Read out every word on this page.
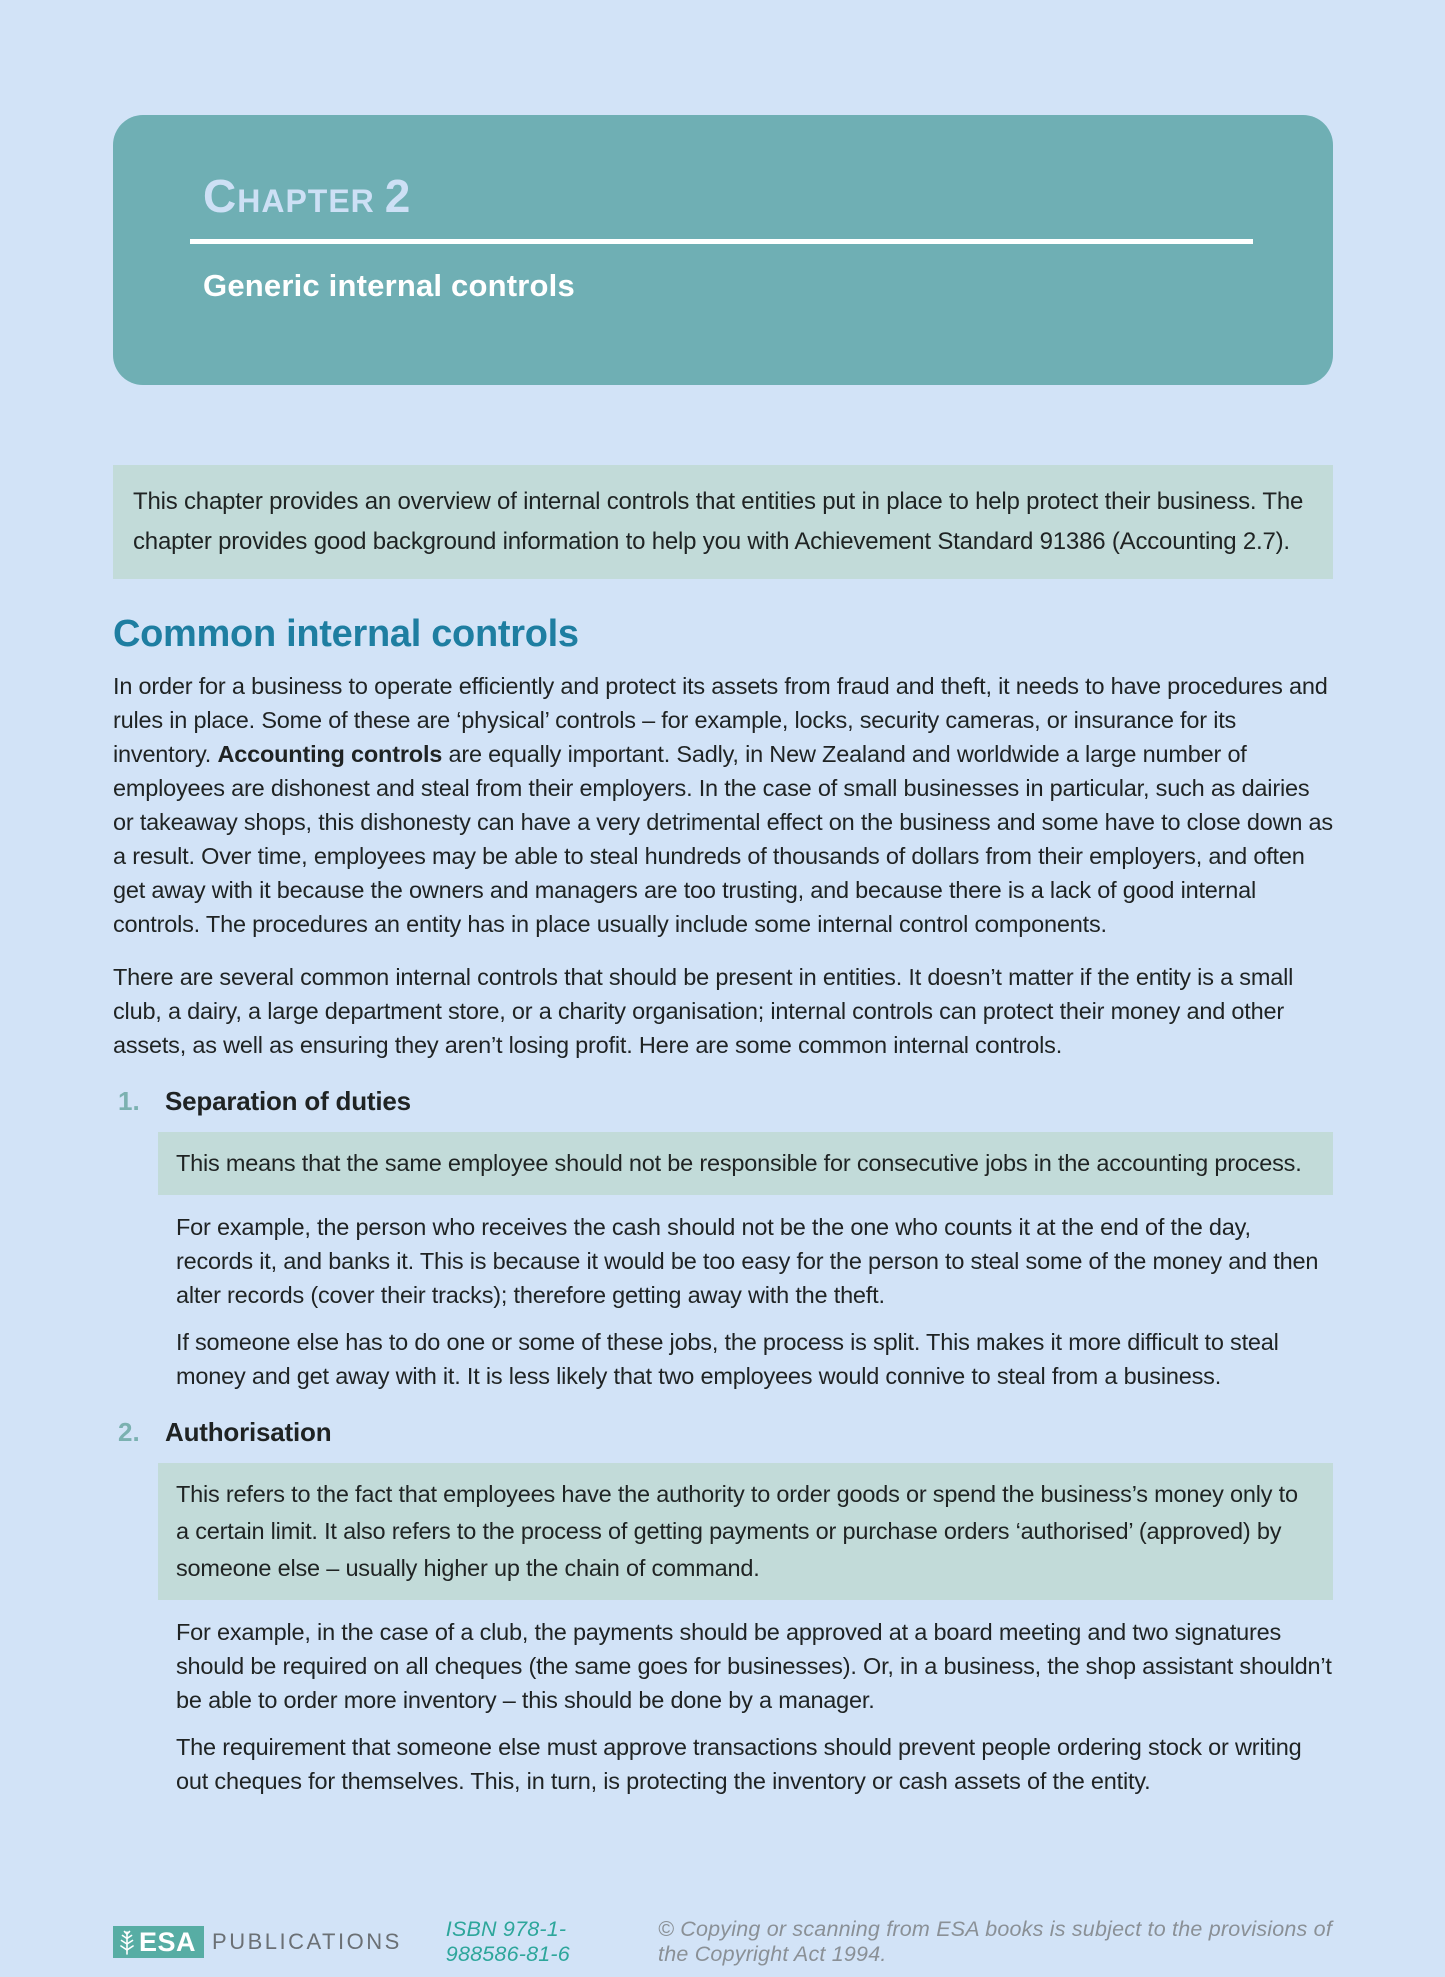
Chapter 2
Generic internal controls
This chapter provides an overview of internal controls that entities put in place to help protect their business. The chapter provides good background information to help you with Achievement Standard 91386 (Accounting 2.7).
Common internal controls

In order for a business to operate efficiently and protect its assets from fraud and theft, it needs to have procedures and rules in place. Some of these are ‘physical’ controls – for example, locks, security cameras, or insurance for its inventory. Accounting controls are equally important. Sadly, in New Zealand and worldwide a large number of employees are dishonest and steal from their employers. In the case of small businesses in particular, such as dairies or takeaway shops, this dishonesty can have a very detrimental effect on the business and some have to close down as a result. Over time, employees may be able to steal hundreds of thousands of dollars from their employers, and often get away with it because the owners and managers are too trusting, and because there is a lack of good internal controls. The procedures an entity has in place usually include some internal control components.

There are several common internal controls that should be present in entities. It doesn’t matter if the entity is a small club, a dairy, a large department store, or a charity organisation; internal controls can protect their money and other assets, as well as ensuring they aren’t losing profit. Here are some common internal controls.

1. Separation of duties
This means that the same employee should not be responsible for consecutive jobs in the accounting process.

For example, the person who receives the cash should not be the one who counts it at the end of the day, records it, and banks it. This is because it would be too easy for the person to steal some of the money and then alter records (cover their tracks); therefore getting away with the theft.

If someone else has to do one or some of these jobs, the process is split. This makes it more difficult to steal money and get away with it. It is less likely that two employees would connive to steal from a business.

2. Authorisation
This refers to the fact that employees have the authority to order goods or spend the business’s money only to a certain limit. It also refers to the process of getting payments or purchase orders ‘authorised’ (approved) by someone else – usually higher up the chain of command.

For example, in the case of a club, the payments should be approved at a board meeting and two signatures should be required on all cheques (the same goes for businesses). Or, in a business, the shop assistant shouldn’t be able to order more inventory – this should be done by a manager.

The requirement that someone else must approve transactions should prevent people ordering stock or writing out cheques for themselves. This, in turn, is protecting the inventory or cash assets of the entity.

ESA PUBLICATIONS ISBN 978-1-988586-81-6
© Copying or scanning from ESA books is subject to the provisions of the Copyright Act 1994.
